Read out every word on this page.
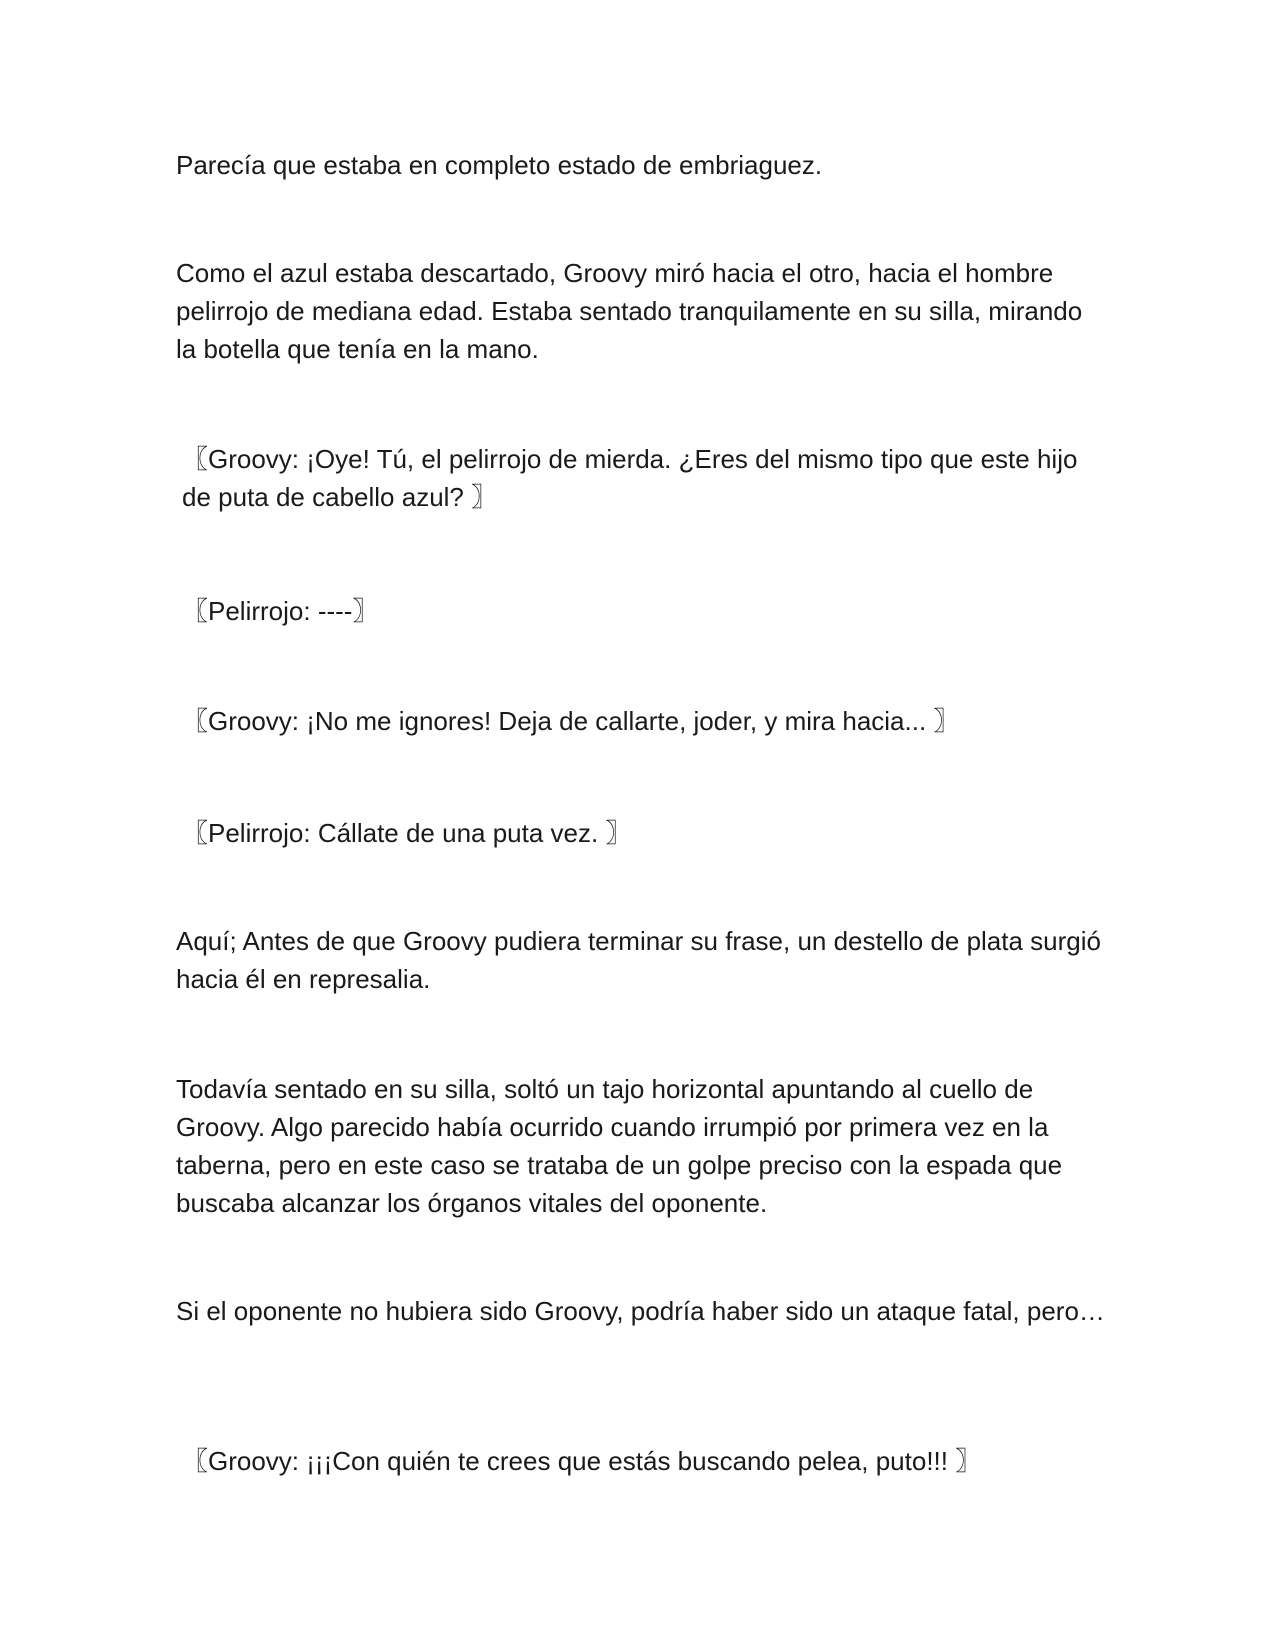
Parecía que estaba en completo estado de embriaguez.

Como el azul estaba descartado, Groovy miró hacia el otro, hacia el hombre pelirrojo de mediana edad. Estaba sentado tranquilamente en su silla, mirando la botella que tenía en la mano.

〖Groovy: ¡Oye! Tú, el pelirrojo de mierda. ¿Eres del mismo tipo que este hijo de puta de cabello azul? 〗

〖Pelirrojo: ----〗

〖Groovy: ¡No me ignores! Deja de callarte, joder, y mira hacia... 〗

〖Pelirrojo: Cállate de una puta vez. 〗

Aquí; Antes de que Groovy pudiera terminar su frase, un destello de plata surgió hacia él en represalia.

Todavía sentado en su silla, soltó un tajo horizontal apuntando al cuello de Groovy. Algo parecido había ocurrido cuando irrumpió por primera vez en la taberna, pero en este caso se trataba de un golpe preciso con la espada que buscaba alcanzar los órganos vitales del oponente.

Si el oponente no hubiera sido Groovy, podría haber sido un ataque fatal, pero…

〖Groovy: ¡¡¡Con quién te crees que estás buscando pelea, puto!!! 〗
